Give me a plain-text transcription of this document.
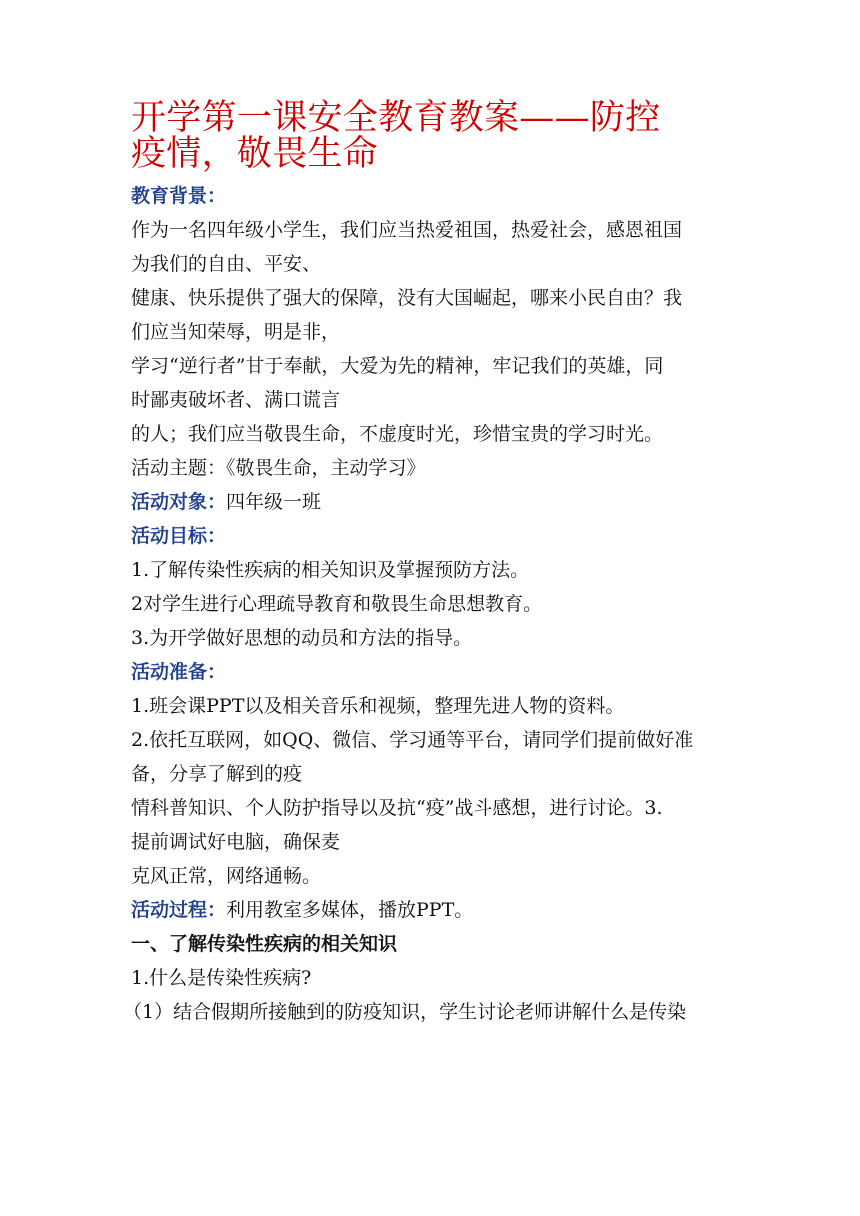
开学第一课安全教育教案——防控
疫情，敬畏生命
教育背景：
作为一名四年级小学生，我们应当热爱祖国，热爱社会，感恩祖国
为我们的自由、平安、
健康、快乐提供了强大的保障，没有大国崛起，哪来小民自由？我
们应当知荣辱，明是非，
学习“逆行者”甘于奉献，大爱为先的精神，牢记我们的英雄，同
时鄙夷破坏者、满口谎言
的人；我们应当敬畏生命，不虚度时光，珍惜宝贵的学习时光。
活动主题：《敬畏生命，主动学习》
活动对象：四年级一班
活动目标：
1.了解传染性疾病的相关知识及掌握预防方法。
2对学生进行心理疏导教育和敬畏生命思想教育。
3.为开学做好思想的动员和方法的指导。
活动准备：
1.班会课PPT以及相关音乐和视频，整理先进人物的资料。
2.依托互联网，如QQ、微信、学习通等平台，请同学们提前做好准
备，分享了解到的疫
情科普知识、个人防护指导以及抗“疫”战斗感想，进行讨论。3.
提前调试好电脑，确保麦
克风正常，网络通畅。
活动过程：利用教室多媒体，播放PPT。
一、了解传染性疾病的相关知识
1.什么是传染性疾病?
（1）结合假期所接触到的防疫知识，学生讨论老师讲解什么是传染
